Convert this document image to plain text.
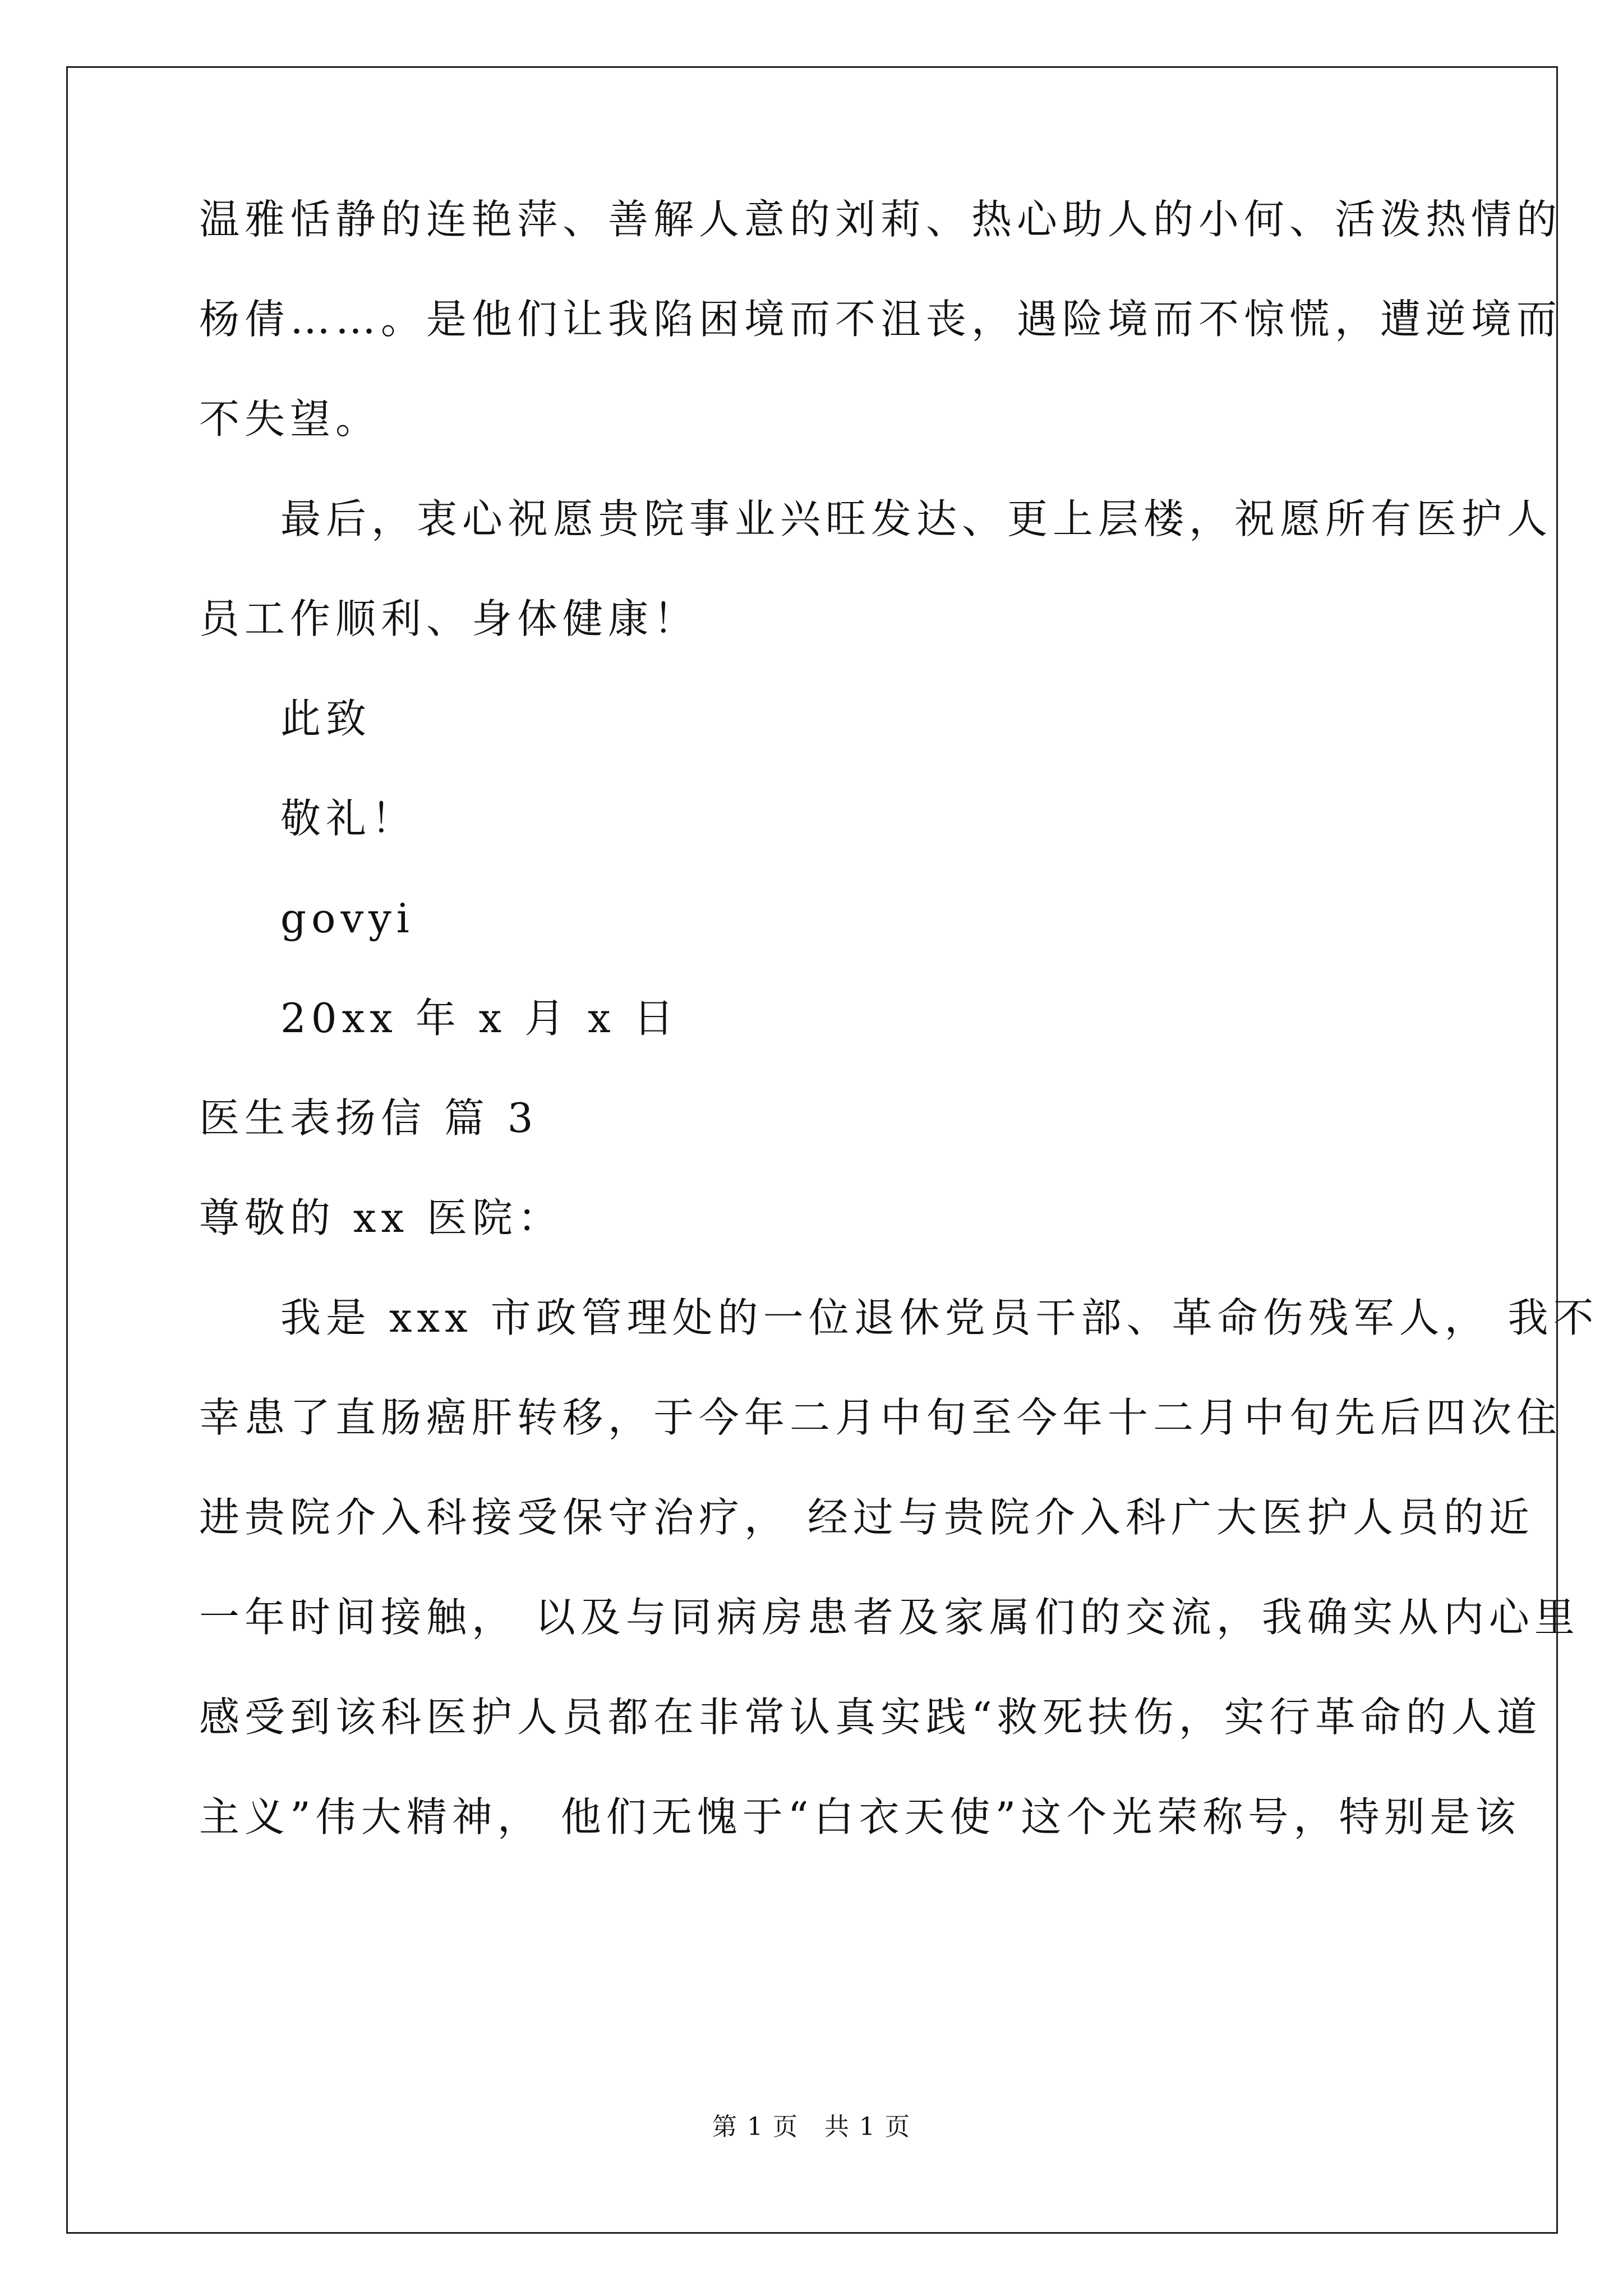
温雅恬静的连艳萍、善解人意的刘莉、热心助人的小何、活泼热情的
杨倩……。是他们让我陷困境而不沮丧，遇险境而不惊慌，遭逆境而
不失望。
最后，衷心祝愿贵院事业兴旺发达、更上层楼，祝愿所有医护人
员工作顺利、身体健康！
此致
敬礼！
govyi
20xx 年 x 月 x 日
医生表扬信 篇 3
尊敬的 xx 医院：
我是 xxx 市政管理处的一位退休党员干部、革命伤残军人， 我不
幸患了直肠癌肝转移，于今年二月中旬至今年十二月中旬先后四次住
进贵院介入科接受保守治疗， 经过与贵院介入科广大医护人员的近
一年时间接触， 以及与同病房患者及家属们的交流，我确实从内心里
感受到该科医护人员都在非常认真实践“救死扶伤，实行革命的人道
主义”伟大精神， 他们无愧于“白衣天使”这个光荣称号，特别是该
第 1 页　共 1 页
